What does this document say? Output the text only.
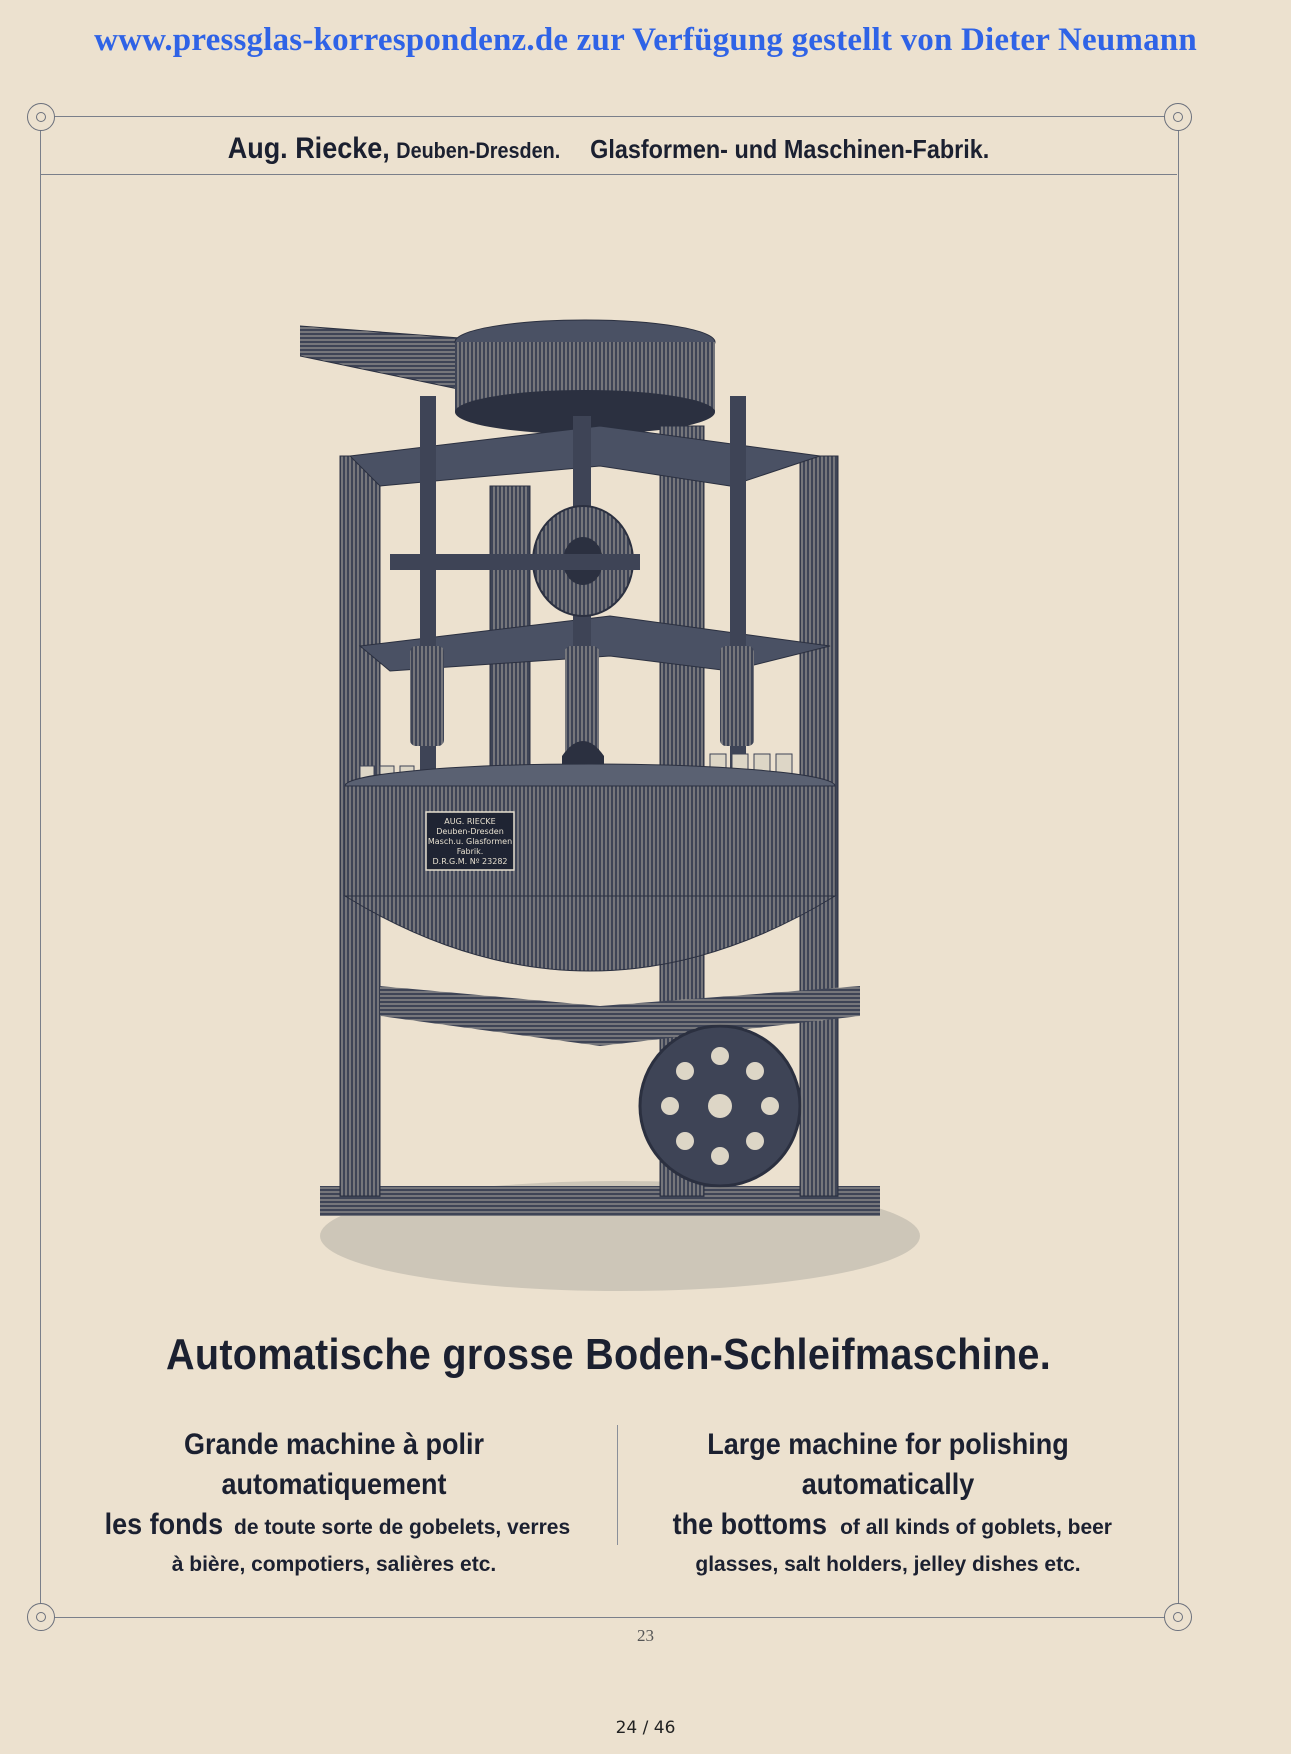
www.pressglas-korrespondenz.de zur Verfügung gestellt von Dieter Neumann
Aug. Riecke, Deuben-Dresden. Glasformen- und Maschinen-Fabrik.
AUG. RIECKE
Deuben-Dresden
Masch.u. Glasformen
Fabrik.
D.R.G.M. Nº 23282
Automatische grosse Boden-Schleifmaschine.
Grande machine à polir automatiquement
les fonds de toute sorte de gobelets, verres
à bière, compotiers, salières etc.
Large machine for polishing automatically
the bottoms of all kinds of goblets, beer
glasses, salt holders, jelley dishes etc.
23
24 / 46
